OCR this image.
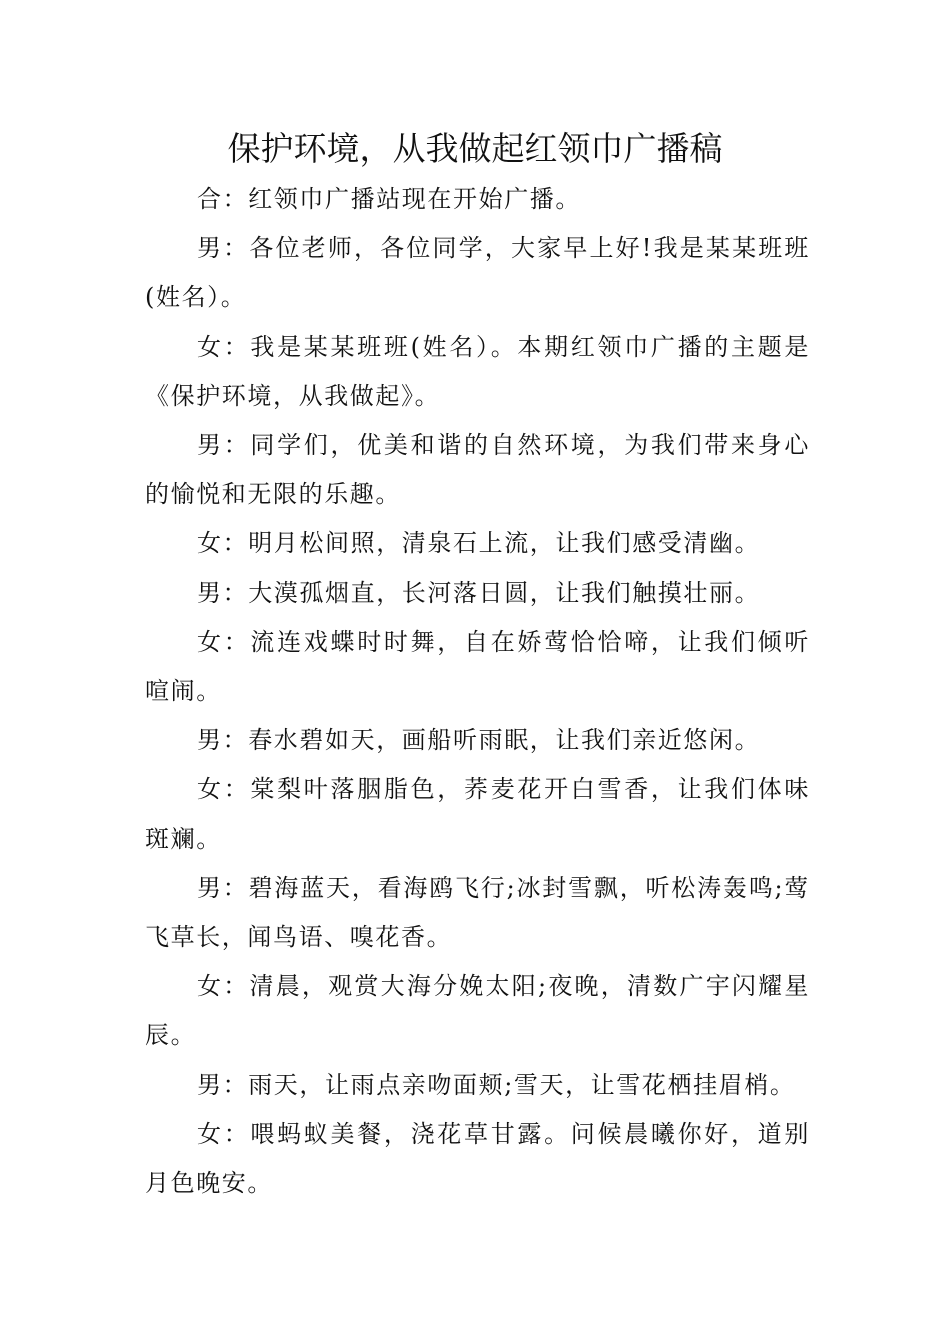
保护环境，从我做起红领巾广播稿

合：红领巾广播站现在开始广播。

男：各位老师，各位同学，大家早上好!我是某某班班(姓名）。

女：我是某某班班(姓名）。本期红领巾广播的主题是《保护环境，从我做起》。

男：同学们，优美和谐的自然环境，为我们带来身心的愉悦和无限的乐趣。

女：明月松间照，清泉石上流，让我们感受清幽。

男：大漠孤烟直，长河落日圆，让我们触摸壮丽。

女：流连戏蝶时时舞，自在娇莺恰恰啼，让我们倾听喧闹。

男：春水碧如天，画船听雨眠，让我们亲近悠闲。

女：棠梨叶落胭脂色，荞麦花开白雪香，让我们体味斑斓。

男：碧海蓝天，看海鸥飞行;冰封雪飘，听松涛轰鸣;莺飞草长，闻鸟语、嗅花香。

女：清晨，观赏大海分娩太阳;夜晚，清数广宇闪耀星辰。

男：雨天，让雨点亲吻面颊;雪天，让雪花栖挂眉梢。

女：喂蚂蚁美餐，浇花草甘露。问候晨曦你好，道别月色晚安。
